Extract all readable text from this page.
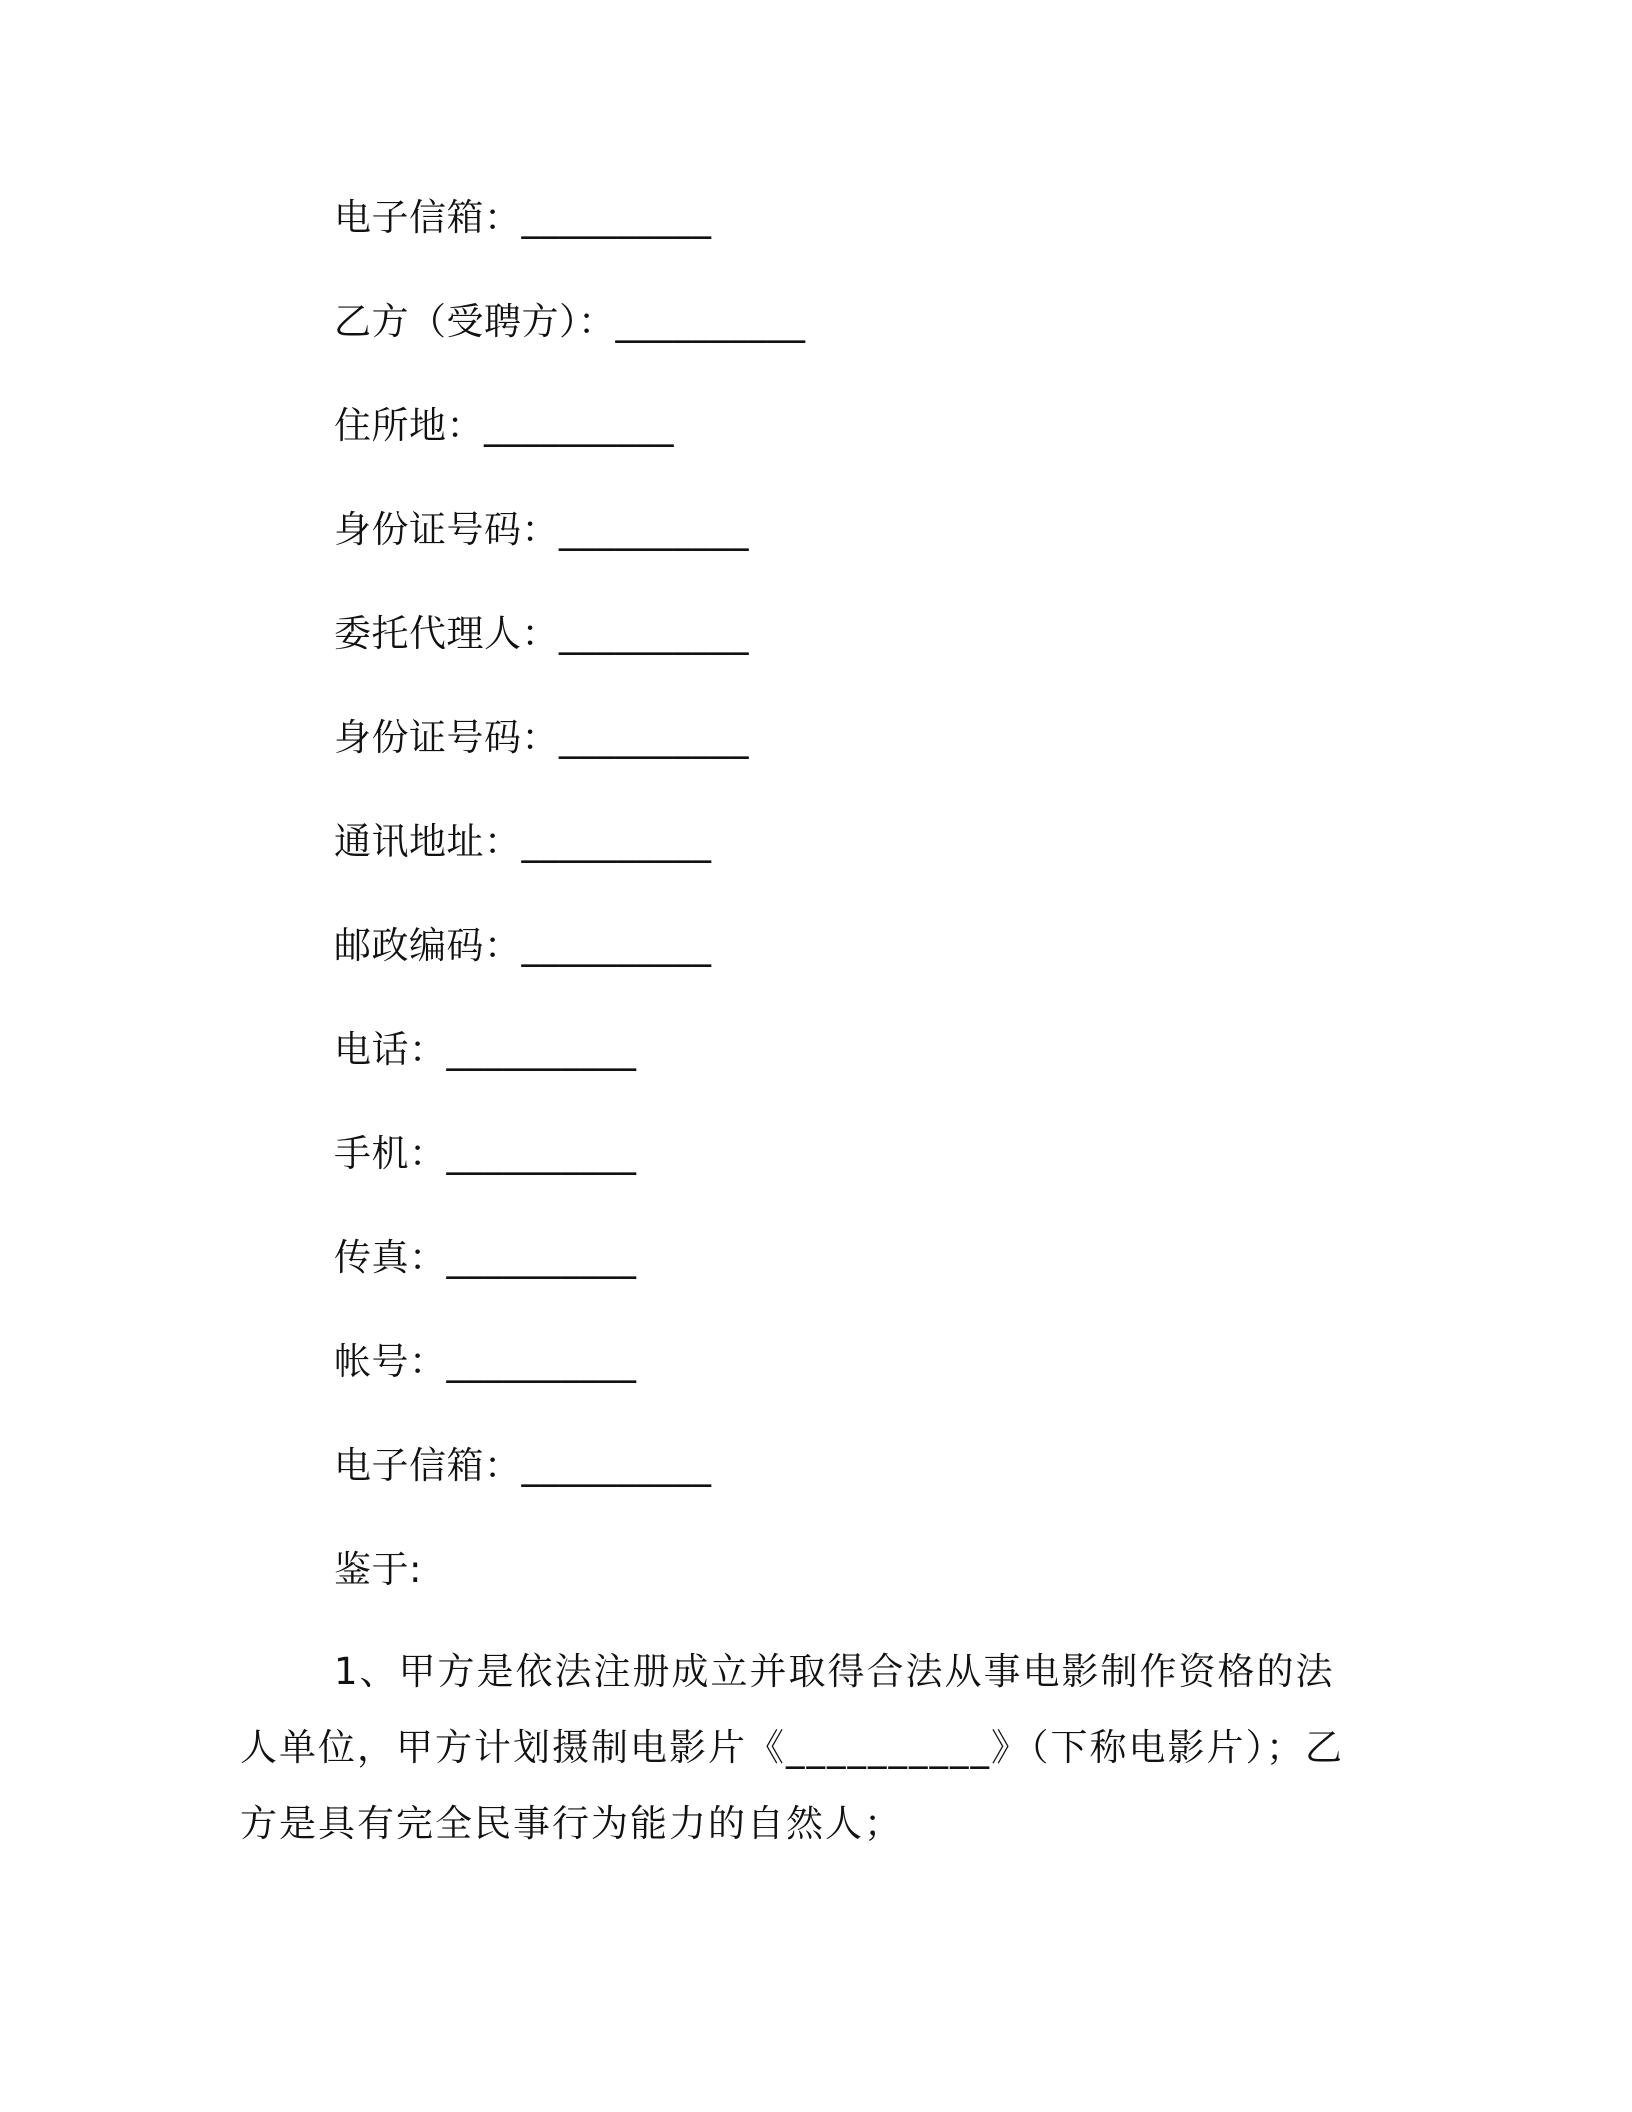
电子信箱：__________
乙方（受聘方）：__________
住所地：__________
身份证号码：__________
委托代理人：__________
身份证号码：__________
通讯地址：__________
邮政编码：__________
电话：__________
手机：__________
传真：__________
帐号：__________
电子信箱：__________
鉴于:

1、甲方是依法注册成立并取得合法从事电影制作资格的法人单位，甲方计划摄制电影片《__________》（下称电影片）；乙方是具有完全民事行为能力的自然人；
